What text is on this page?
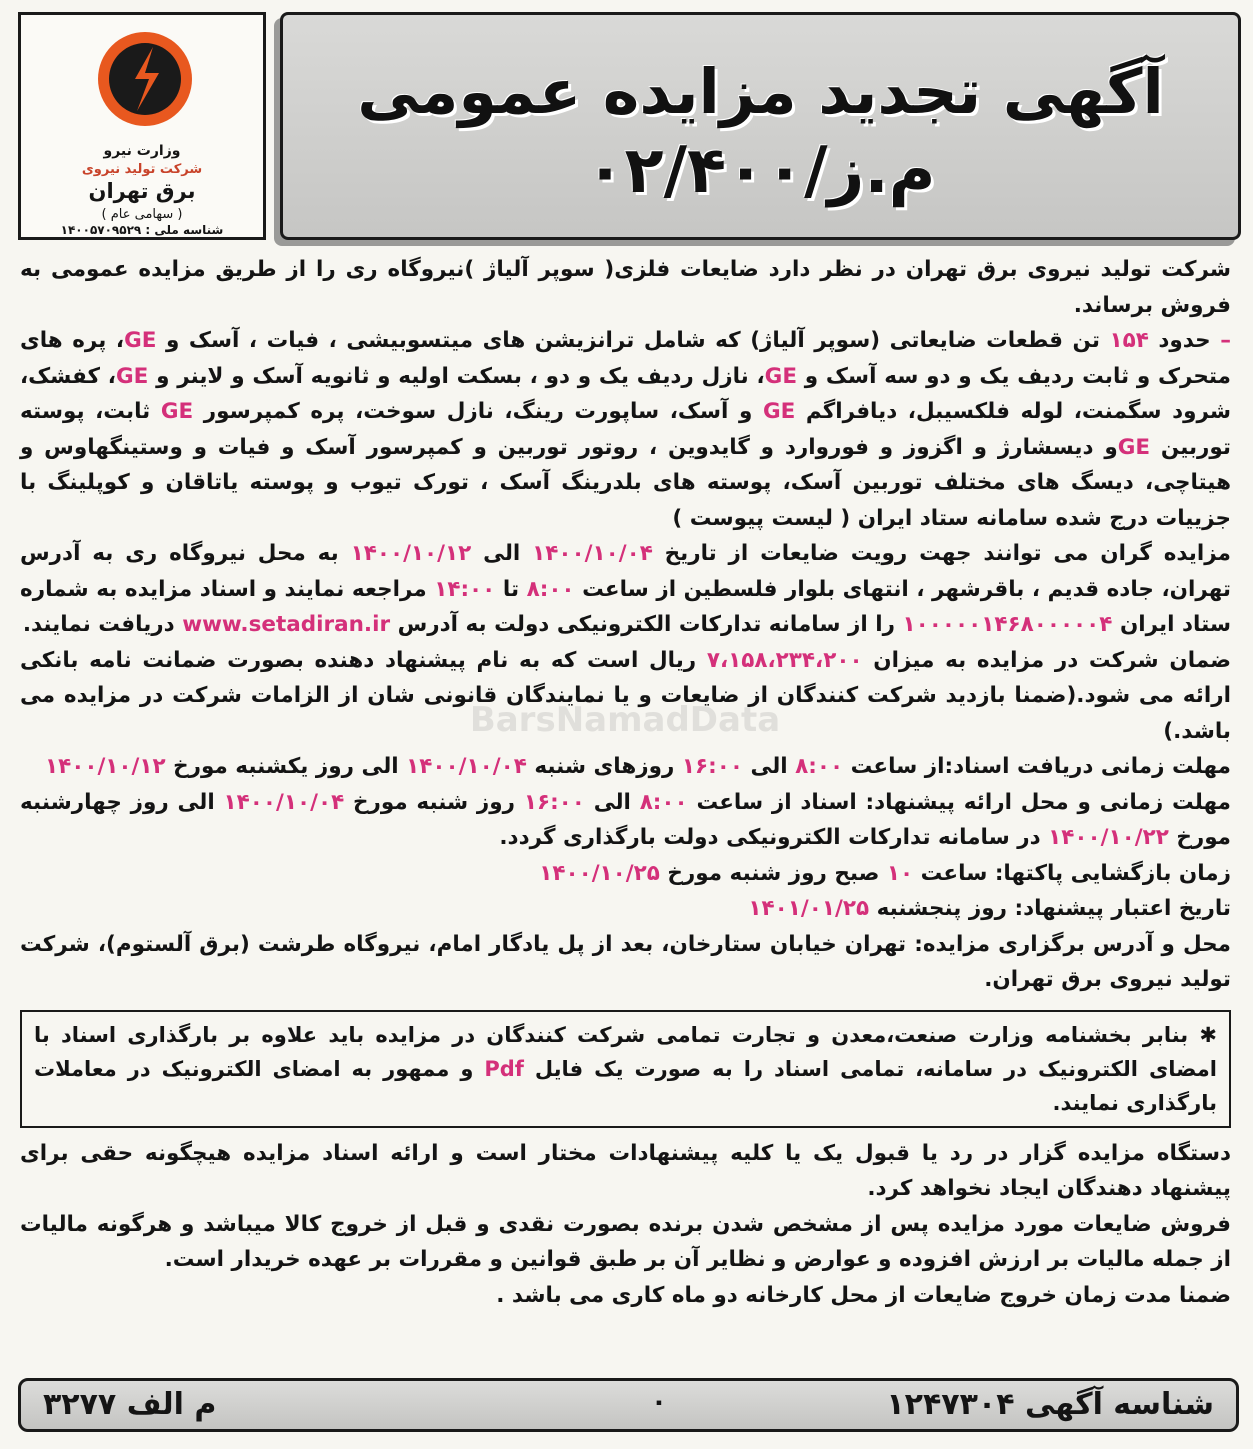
وزارت نیرو
شرکت تولید نیروی
برق تهران
( سهامی عام )
شناسه ملی : ۱۴۰۰۵۷۰۹۵۲۹
آگهی تجدید مزایده عمومی
م.ز/۰۲/۴۰۰
BarsNamadData

شرکت تولید نیروی برق تهران در نظر دارد ضایعات فلزی( سوپر آلیاژ )نیروگاه ری را از طریق مزایده عمومی به فروش برساند.

– حدود ۱۵۴ تن قطعات ضایعاتی (سوپر آلیاژ) که شامل ترانزیشن های میتسوبیشی ، فیات ، آسک و GE، پره های متحرک و ثابت ردیف یک و دو سه آسک و GE، نازل ردیف یک و دو ، بسکت اولیه و ثانویه آسک و لاینر و GE، کفشک، شرود سگمنت، لوله فلکسیبل، دیافراگم GE و آسک، ساپورت رینگ، نازل سوخت، پره کمپرسور GE ثابت، پوسته توربین GEو دیسشارژ و اگزوز و فوروارد و گایدوین ، روتور توربین و کمپرسور آسک و فیات و وستینگهاوس و هیتاچی، دیسگ های مختلف توربین آسک، پوسته های بلدرینگ آسک ، تورک تیوب و پوسته یاتاقان و کوپلینگ با جزییات درج شده سامانه ستاد ایران ( لیست پیوست )

مزایده گران می توانند جهت رویت ضایعات از تاریخ ۱۴۰۰/۱۰/۰۴ الی ۱۴۰۰/۱۰/۱۲ به محل نیروگاه ری به آدرس تهران، جاده قدیم ، باقرشهر ، انتهای بلوار فلسطین از ساعت ۸:۰۰ تا ۱۴:۰۰ مراجعه نمایند و اسناد مزایده به شماره ستاد ایران ۱۰۰۰۰۰۱۴۶۸۰۰۰۰۰۴ را از سامانه تدارکات الکترونیکی دولت به آدرس www.setadiran.ir دریافت نمایند.

ضمان شرکت در مزایده به میزان ۷،۱۵۸،۲۳۴،۲۰۰ ریال است که به نام پیشنهاد دهنده بصورت ضمانت نامه بانکی ارائه می شود.(ضمنا بازدید شرکت کنندگان از ضایعات و یا نمایندگان قانونی شان از الزامات شرکت در مزایده می باشد.)

مهلت زمانی دریافت اسناد:از ساعت ۸:۰۰ الی ۱۶:۰۰ روزهای شنبه ۱۴۰۰/۱۰/۰۴ الی روز یکشنبه مورخ ۱۴۰۰/۱۰/۱۲

مهلت زمانی و محل ارائه پیشنهاد: اسناد از ساعت ۸:۰۰ الی ۱۶:۰۰ روز شنبه مورخ ۱۴۰۰/۱۰/۰۴ الی روز چهارشنبه مورخ ۱۴۰۰/۱۰/۲۲ در سامانه تدارکات الکترونیکی دولت بارگذاری گردد.

زمان بازگشایی پاکتها: ساعت ۱۰ صبح روز شنبه مورخ ۱۴۰۰/۱۰/۲۵

تاریخ اعتبار پیشنهاد: روز پنجشنبه ۱۴۰۱/۰۱/۲۵

محل و آدرس برگزاری مزایده: تهران خیابان ستارخان، بعد از پل یادگار امام، نیروگاه طرشت (برق آلستوم)، شرکت تولید نیروی برق تهران.

✱ بنابر بخشنامه وزارت صنعت،معدن و تجارت تمامی شرکت کنندگان در مزایده باید علاوه بر بارگذاری اسناد با امضای الکترونیک در سامانه، تمامی اسناد را به صورت یک فایل Pdf و ممهور به امضای الکترونیک در معاملات بارگذاری نمایند.

دستگاه مزایده گزار در رد یا قبول یک یا کلیه پیشنهادات مختار است و ارائه اسناد مزایده هیچگونه حقی برای پیشنهاد دهندگان ایجاد نخواهد کرد.

فروش ضایعات مورد مزایده پس از مشخص شدن برنده بصورت نقدی و قبل از خروج کالا میباشد و هرگونه مالیات از جمله مالیات بر ارزش افزوده و عوارض و نظایر آن بر طبق قوانین و مقررات بر عهده خریدار است.

ضمنا مدت زمان خروج ضایعات از محل کارخانه دو ماه کاری می باشد .

شناسه آگهی ۱۲۴۷۳۰۴
۰
م الف ۳۲۷۷
